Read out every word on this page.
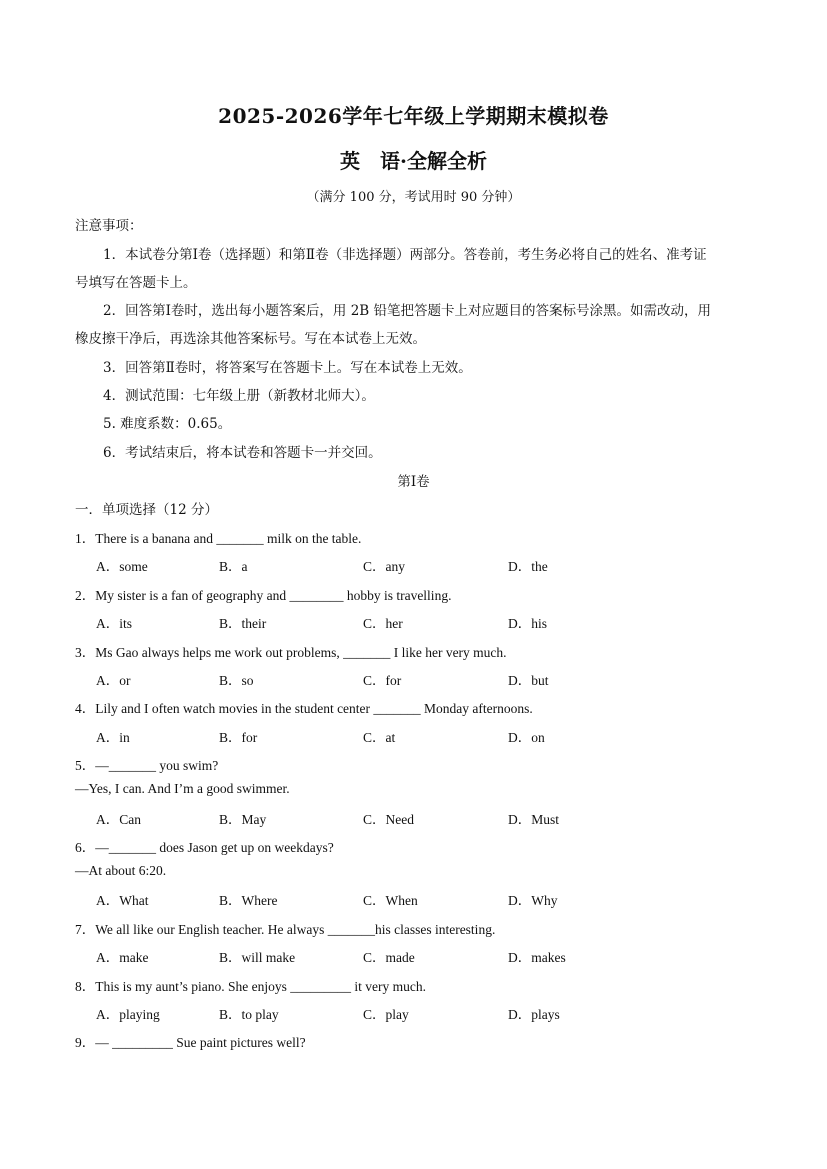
2025-2026学年七年级上学期期末模拟卷
英　语·全解全析
（满分 100 分，考试用时 90 分钟）
注意事项：
1．本试卷分第Ⅰ卷（选择题）和第Ⅱ卷（非选择题）两部分。答卷前，考生务必将自己的姓名、准考证
号填写在答题卡上。
2．回答第Ⅰ卷时，选出每小题答案后，用 2B 铅笔把答题卡上对应题目的答案标号涂黑。如需改动，用
橡皮擦干净后，再选涂其他答案标号。写在本试卷上无效。
3．回答第Ⅱ卷时，将答案写在答题卡上。写在本试卷上无效。
4．测试范围：七年级上册（新教材北师大）。
5. 难度系数：0.65。
6．考试结束后，将本试卷和答题卡一并交回。
第Ⅰ卷
一．单项选择（12 分）
1．There is a banana and _______ milk on the table.
A．some	B．a	C．any	D．the
2．My sister is a fan of geography and ________ hobby is travelling.
A．its	B．their	C．her	D．his
3．Ms Gao always helps me work out problems, _______ I like her very much.
A．or	B．so	C．for	D．but
4．Lily and I often watch movies in the student center _______ Monday afternoons.
A．in	B．for	C．at	D．on
5．—_______ you swim?
—Yes, I can. And I’m a good swimmer.
A．Can	B．May	C．Need	D．Must
6．—_______ does Jason get up on weekdays?
—At about 6:20.
A．What	B．Where	C．When	D．Why
7．We all like our English teacher. He always _______his classes interesting.
A．make	B．will make	C．made	D．makes
8．This is my aunt’s piano. She enjoys _________ it very much.
A．playing	B．to play	C．play	D．plays
9．— _________ Sue paint pictures well?
